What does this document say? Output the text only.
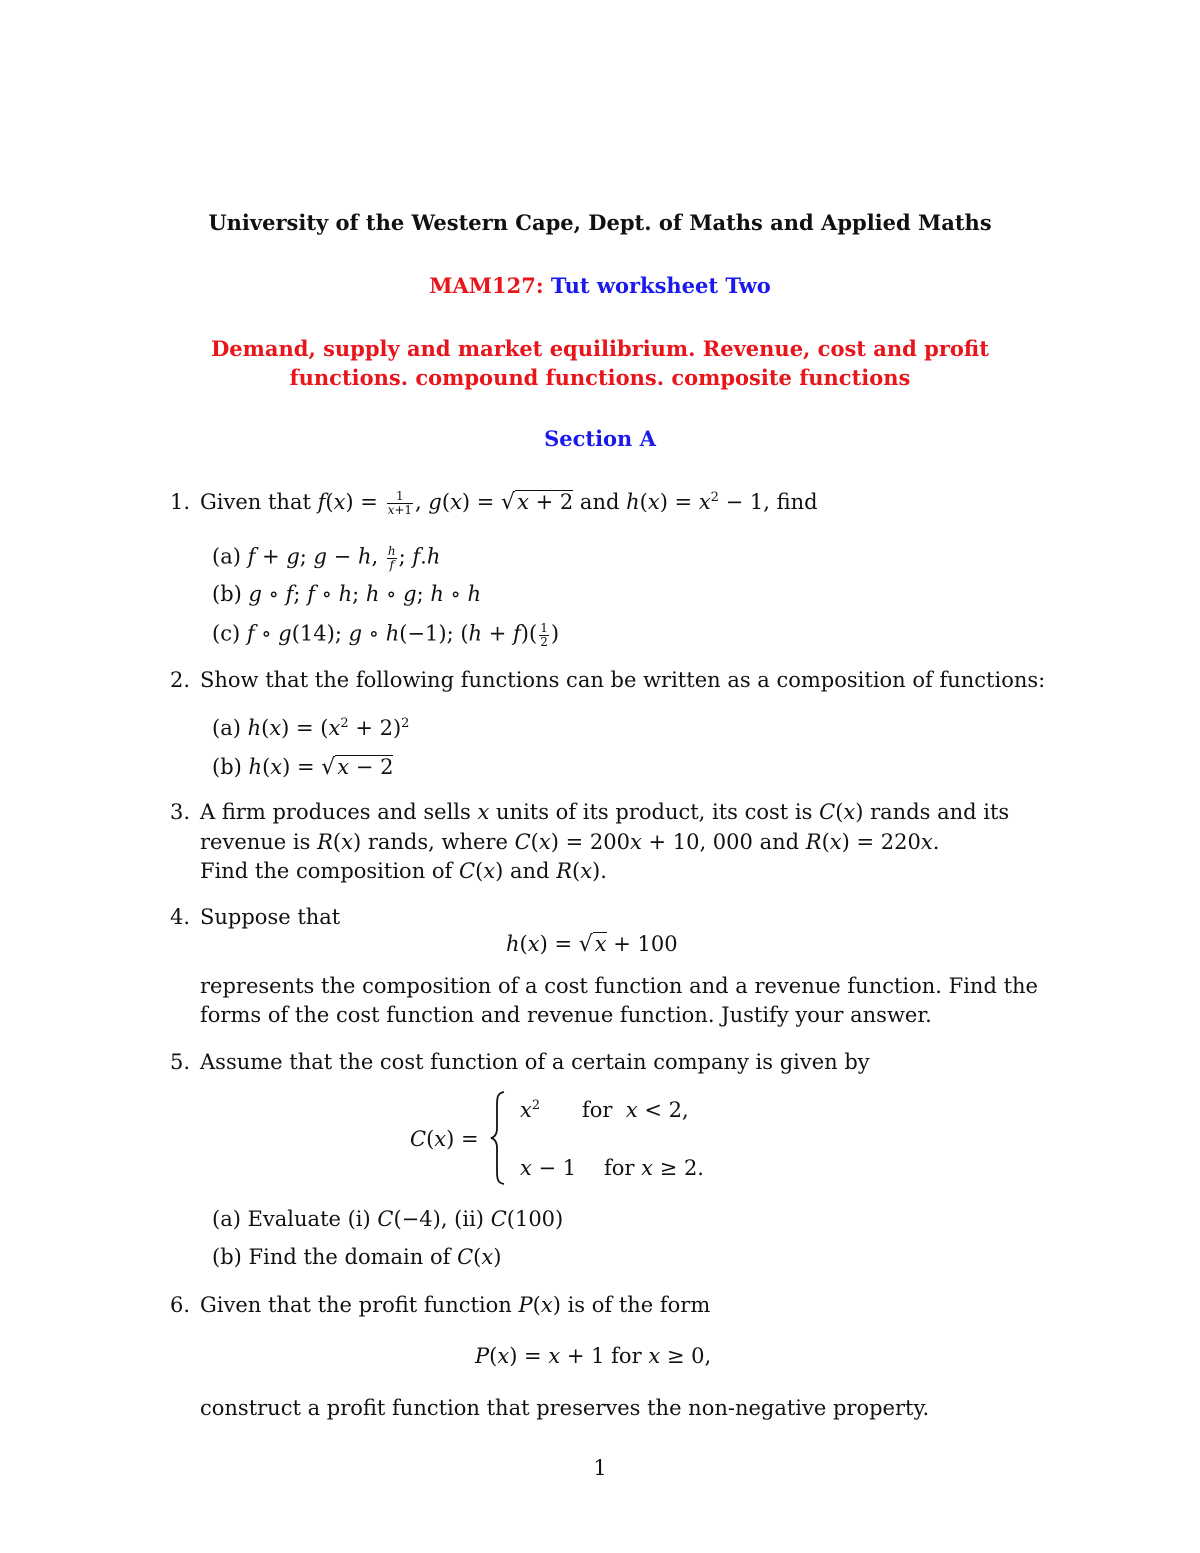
University of the Western Cape, Dept. of Maths and Applied Maths
MAM127: Tut worksheet Two
Demand, supply and market equilibrium. Revenue, cost and profit
functions. compound functions. composite functions
Section A
1. Given that $f(x) = \frac{1}{x+1}$ , g(x) = √x + 2 and $h(x) = x^2 - 1$, find
(a) f + g; g − h, $\frac{h}{f}$ ; f.h
(b) g ∘ f; f ∘ h; h ∘ g; h ∘ h
(c) f ∘ g(14); g ∘ h(−1); $(h + f)( \frac{1}{2}$ )
2. Show that the following functions can be written as a composition of functions:
(a) $h(x) = (x^2 + 2)^2$
(b) h(x) = √x − 2
3. A firm produces and sells x units of its product, its cost is C(x) rands and its
revenue is R(x) rands, where C(x) = 200x + 10, 000 and R(x) = 220x.
Find the composition of C(x) and R(x).
4. Suppose that
h(x) = √x + 100
represents the composition of a cost function and a revenue function. Find the
forms of the cost function and revenue function. Justify your answer.
5. Assume that the cost function of a certain company is given by
C(x) =
$x^2$ for x < 2,
x − 1 for x ≥ 2.
(a) Evaluate (i) C(−4), (ii) C(100)
(b) Find the domain of C(x)
6. Given that the profit function P(x) is of the form
P(x) = x + 1 for x ≥ 0,
construct a profit function that preserves the non-negative property.
1
